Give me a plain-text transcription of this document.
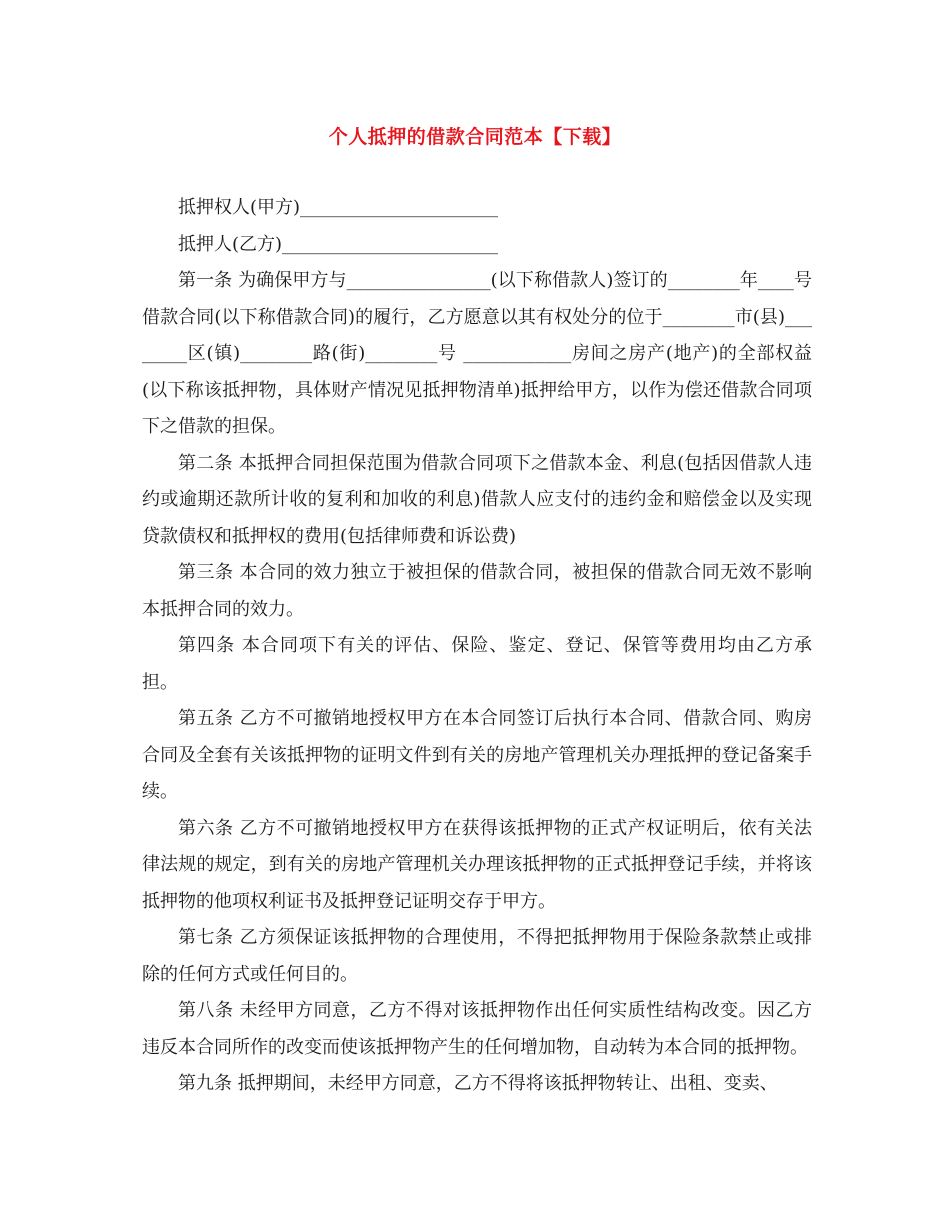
个人抵押的借款合同范本【下载】

抵押权人(甲方)______________________

抵押人(乙方)________________________

第一条 为确保甲方与________________(以下称借款人)签订的________年____号借款合同(以下称借款合同)的履行，乙方愿意以其有权处分的位于________市(县)________区(镇)________路(街)________号 ____________房间之房产(地产)的全部权益(以下称该抵押物，具体财产情况见抵押物清单)抵押给甲方，以作为偿还借款合同项下之借款的担保。

第二条 本抵押合同担保范围为借款合同项下之借款本金、利息(包括因借款人违约或逾期还款所计收的复利和加收的利息)借款人应支付的违约金和赔偿金以及实现贷款债权和抵押权的费用(包括律师费和诉讼费)

第三条 本合同的效力独立于被担保的借款合同，被担保的借款合同无效不影响本抵押合同的效力。

第四条 本合同项下有关的评估、保险、鉴定、登记、保管等费用均由乙方承担。

第五条 乙方不可撤销地授权甲方在本合同签订后执行本合同、借款合同、购房合同及全套有关该抵押物的证明文件到有关的房地产管理机关办理抵押的登记备案手续。

第六条 乙方不可撤销地授权甲方在获得该抵押物的正式产权证明后，依有关法律法规的规定，到有关的房地产管理机关办理该抵押物的正式抵押登记手续，并将该抵押物的他项权利证书及抵押登记证明交存于甲方。

第七条 乙方须保证该抵押物的合理使用，不得把抵押物用于保险条款禁止或排除的任何方式或任何目的。

第八条 未经甲方同意，乙方不得对该抵押物作出任何实质性结构改变。因乙方违反本合同所作的改变而使该抵押物产生的任何增加物，自动转为本合同的抵押物。

第九条 抵押期间，未经甲方同意，乙方不得将该抵押物转让、出租、变卖、
